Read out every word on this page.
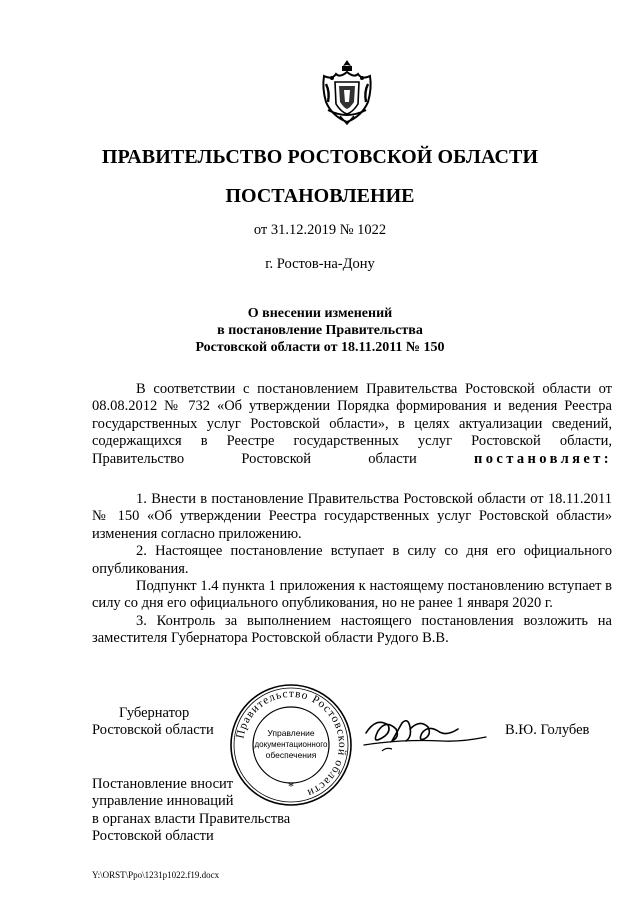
ПРАВИТЕЛЬСТВО РОСТОВСКОЙ ОБЛАСТИ
ПОСТАНОВЛЕНИЕ
от 31.12.2019 № 1022
г. Ростов-на-Дону
О внесении изменений
в постановление Правительства
Ростовской области от 18.11.2011 № 150

В соответствии с постановлением Правительства Ростовской области от 08.08.2012 № 732 «Об утверждении Порядка формирования и ведения Реестра государственных услуг Ростовской области», в целях актуализации сведений, содержащихся в Реестре государственных услуг Ростовской области, Правительство Ростовской области	постановляет:

1. Внести в постановление Правительства Ростовской области от 18.11.2011 № 150 «Об утверждении Реестра государственных услуг Ростовской области» изменения согласно приложению.

2. Настоящее постановление вступает в силу со дня его официального опубликования.

Подпункт 1.4 пункта 1 приложения к настоящему постановлению вступает в силу со дня его официального опубликования, но не ранее 1 января 2020 г.

3. Контроль за выполнением настоящего постановления возложить на заместителя Губернатора Ростовской области Рудого В.В.

Губернатор
Ростовской области Правительство Ростовской области
*
Управление
документационного
обеспечения
В.Ю. Голубев
Постановление вносит
управление инноваций
в органах власти Правительства
Ростовской области
Y:\ORST\Ppo\1231p1022.f19.docx
